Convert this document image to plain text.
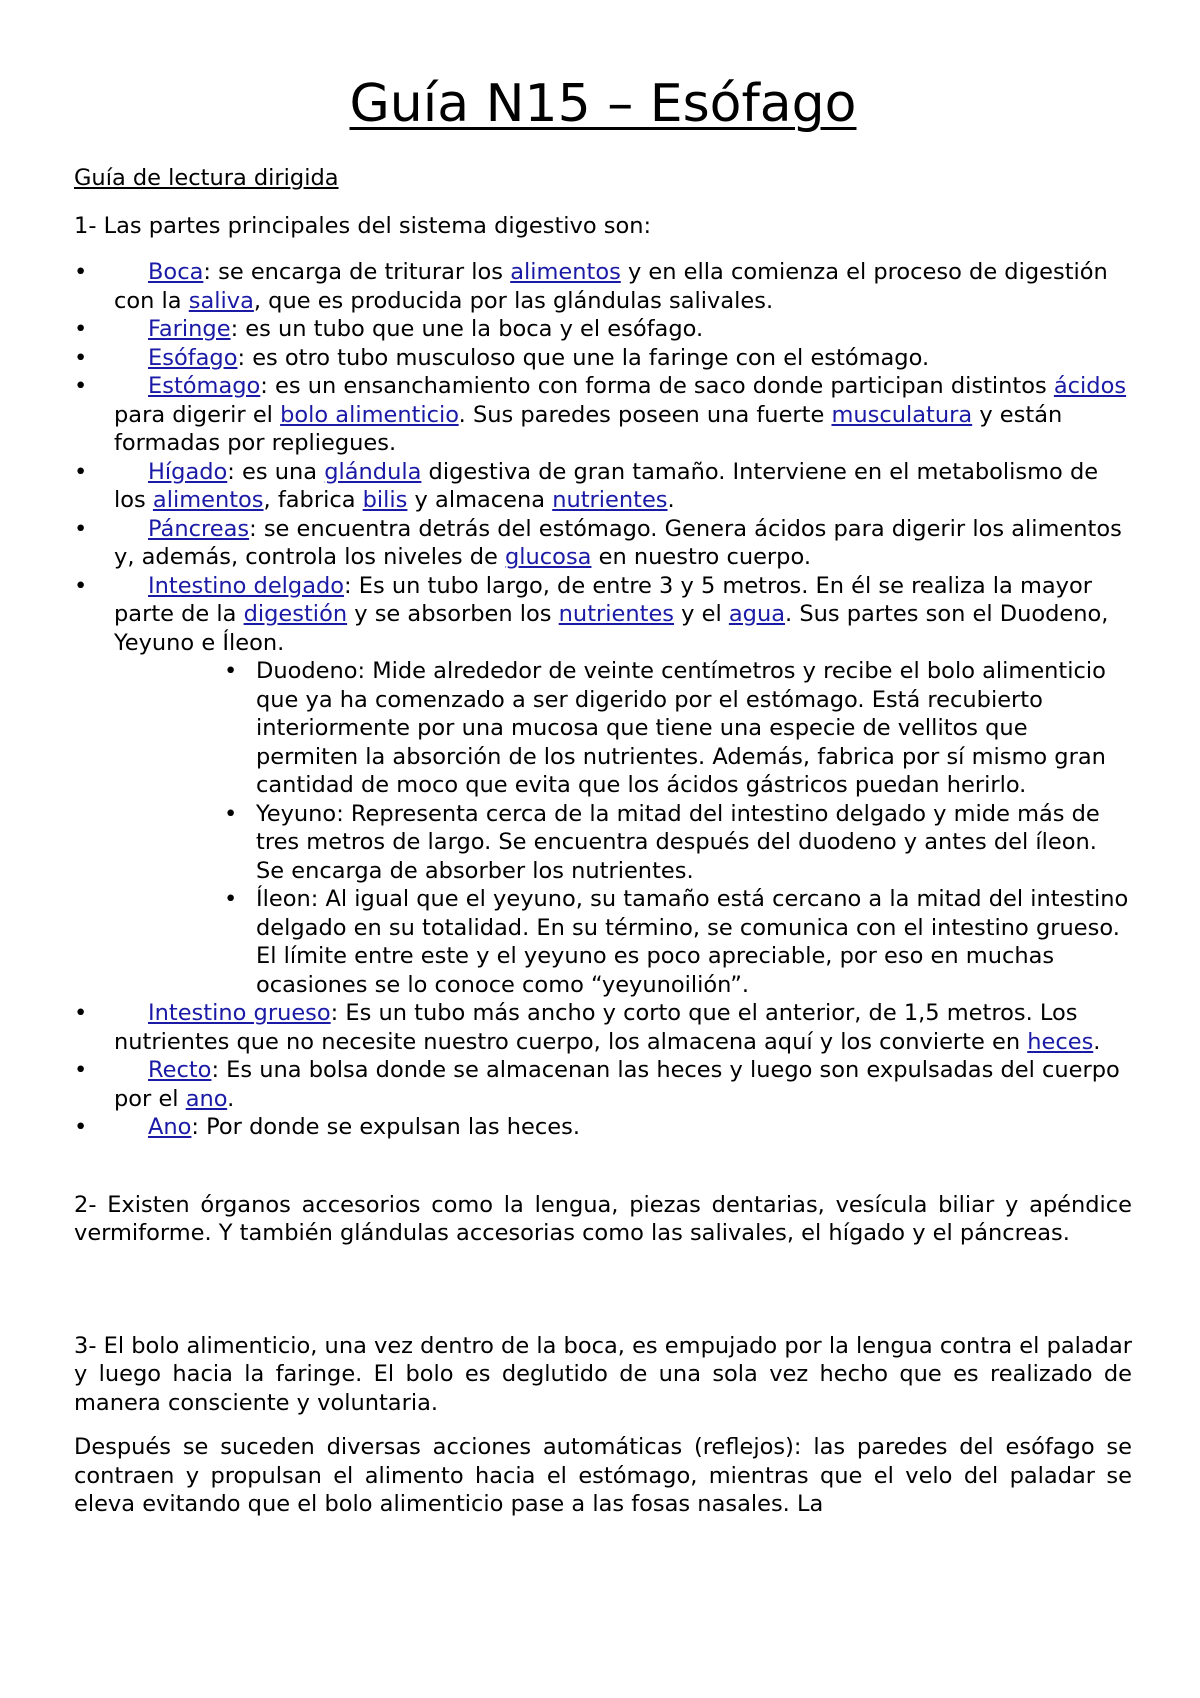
Guía N15 – Esófago

Guía de lectura dirigida

1- Las partes principales del sistema digestivo son:

•	Boca: se encarga de triturar los alimentos y en ella comienza el proceso de digestión con la saliva, que es producida por las glándulas salivales.
•	Faringe: es un tubo que une la boca y el esófago.
•	Esófago: es otro tubo musculoso que une la faringe con el estómago.
•	Estómago: es un ensanchamiento con forma de saco donde participan distintos ácidos para digerir el bolo alimenticio. Sus paredes poseen una fuerte musculatura y están formadas por repliegues.
•	Hígado: es una glándula digestiva de gran tamaño. Interviene en el metabolismo de los alimentos, fabrica bilis y almacena nutrientes.
•	Páncreas: se encuentra detrás del estómago. Genera ácidos para digerir los alimentos y, además, controla los niveles de glucosa en nuestro cuerpo.
•	Intestino delgado: Es un tubo largo, de entre 3 y 5 metros. En él se realiza la mayor parte de la digestión y se absorben los nutrientes y el agua. Sus partes son el Duodeno, Yeyuno e Íleon.
• Duodeno: Mide alrededor de veinte centímetros y recibe el bolo alimenticio que ya ha comenzado a ser digerido por el estómago. Está recubierto interiormente por una mucosa que tiene una especie de vellitos que permiten la absorción de los nutrientes. Además, fabrica por sí mismo gran cantidad de moco que evita que los ácidos gástricos puedan herirlo.
• Yeyuno: Representa cerca de la mitad del intestino delgado y mide más de tres metros de largo. Se encuentra después del duodeno y antes del íleon. Se encarga de absorber los nutrientes.
• Íleon: Al igual que el yeyuno, su tamaño está cercano a la mitad del intestino delgado en su totalidad. En su término, se comunica con el intestino grueso. El límite entre este y el yeyuno es poco apreciable, por eso en muchas ocasiones se lo conoce como “yeyunoilión”.
•	Intestino grueso: Es un tubo más ancho y corto que el anterior, de 1,5 metros. Los nutrientes que no necesite nuestro cuerpo, los almacena aquí y los convierte en heces.
•	Recto: Es una bolsa donde se almacenan las heces y luego son expulsadas del cuerpo por el ano.
•	Ano: Por donde se expulsan las heces.

2- Existen órganos accesorios como la lengua, piezas dentarias, vesícula biliar y apéndice vermiforme. Y también glándulas accesorias como las salivales, el hígado y el páncreas.

3- El bolo alimenticio, una vez dentro de la boca, es empujado por la lengua contra el paladar y luego hacia la faringe. El bolo es deglutido de una sola vez hecho que es realizado de manera consciente y voluntaria.

Después se suceden diversas acciones automáticas (reflejos): las paredes del esófago se contraen y propulsan el alimento hacia el estómago, mientras que el velo del paladar se eleva evitando que el bolo alimenticio pase a las fosas nasales. La
